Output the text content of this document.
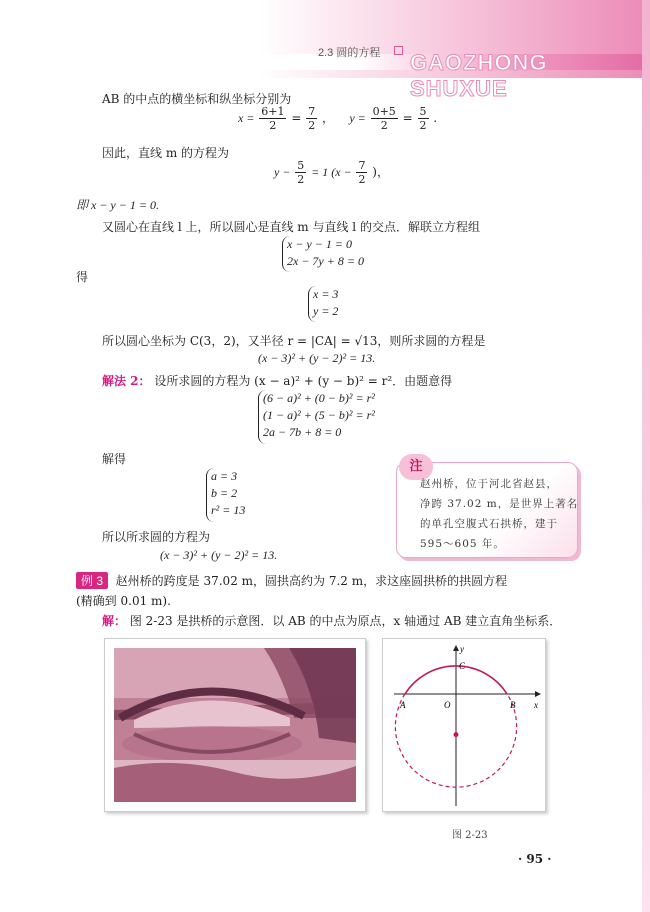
2.3 圆的方程 GAOZHONG SHUXUE
AB 的中点的横坐标和纵坐标分别为
$x = \frac{6+1}{2} = \frac{7}{2}$ ， $y = \frac{0+5}{2} = \frac{5}{2}$ .
因此，直线 m 的方程为
$y - \frac{5}{2} = 1$ ($x - \frac{7}{2}$ )，
即 x − y − 1 = 0.
又圆心在直线 l 上，所以圆心是直线 m 与直线 l 的交点．解联立方程组
x − y − 1 = 0
2x − 7y + 8 = 0
得
x = 3
y = 2
所以圆心坐标为 C(3，2)，又半径 r = |CA| = √13，则所求圆的方程是
(x − 3)² + (y − 2)² = 13.
解法 2： 设所求圆的方程为 (x − a)² + (y − b)² = r²．由题意得
(6 − a)² + (0 − b)² = r²
(1 − a)² + (5 − b)² = r²
2a − 7b + 8 = 0
解得
a = 3
b = 2
r² = 13
所以所求圆的方程为
(x − 3)² + (y − 2)² = 13.
例 3 赵州桥的跨度是 37.02 m，圆拱高约为 7.2 m，求这座圆拱桥的拱圆方程
(精确到 0.01 m).
解： 图 2-23 是拱桥的示意图．以 AB 的中点为原点，x 轴通过 AB 建立直角坐标系．
注
赵州桥，位于河北省赵县，
净跨 37.02 m，是世界上著名
的单孔空腹式石拱桥，建于
595～605 年。
y
x
A	O	B
C
图 2-23
· 95 ·
